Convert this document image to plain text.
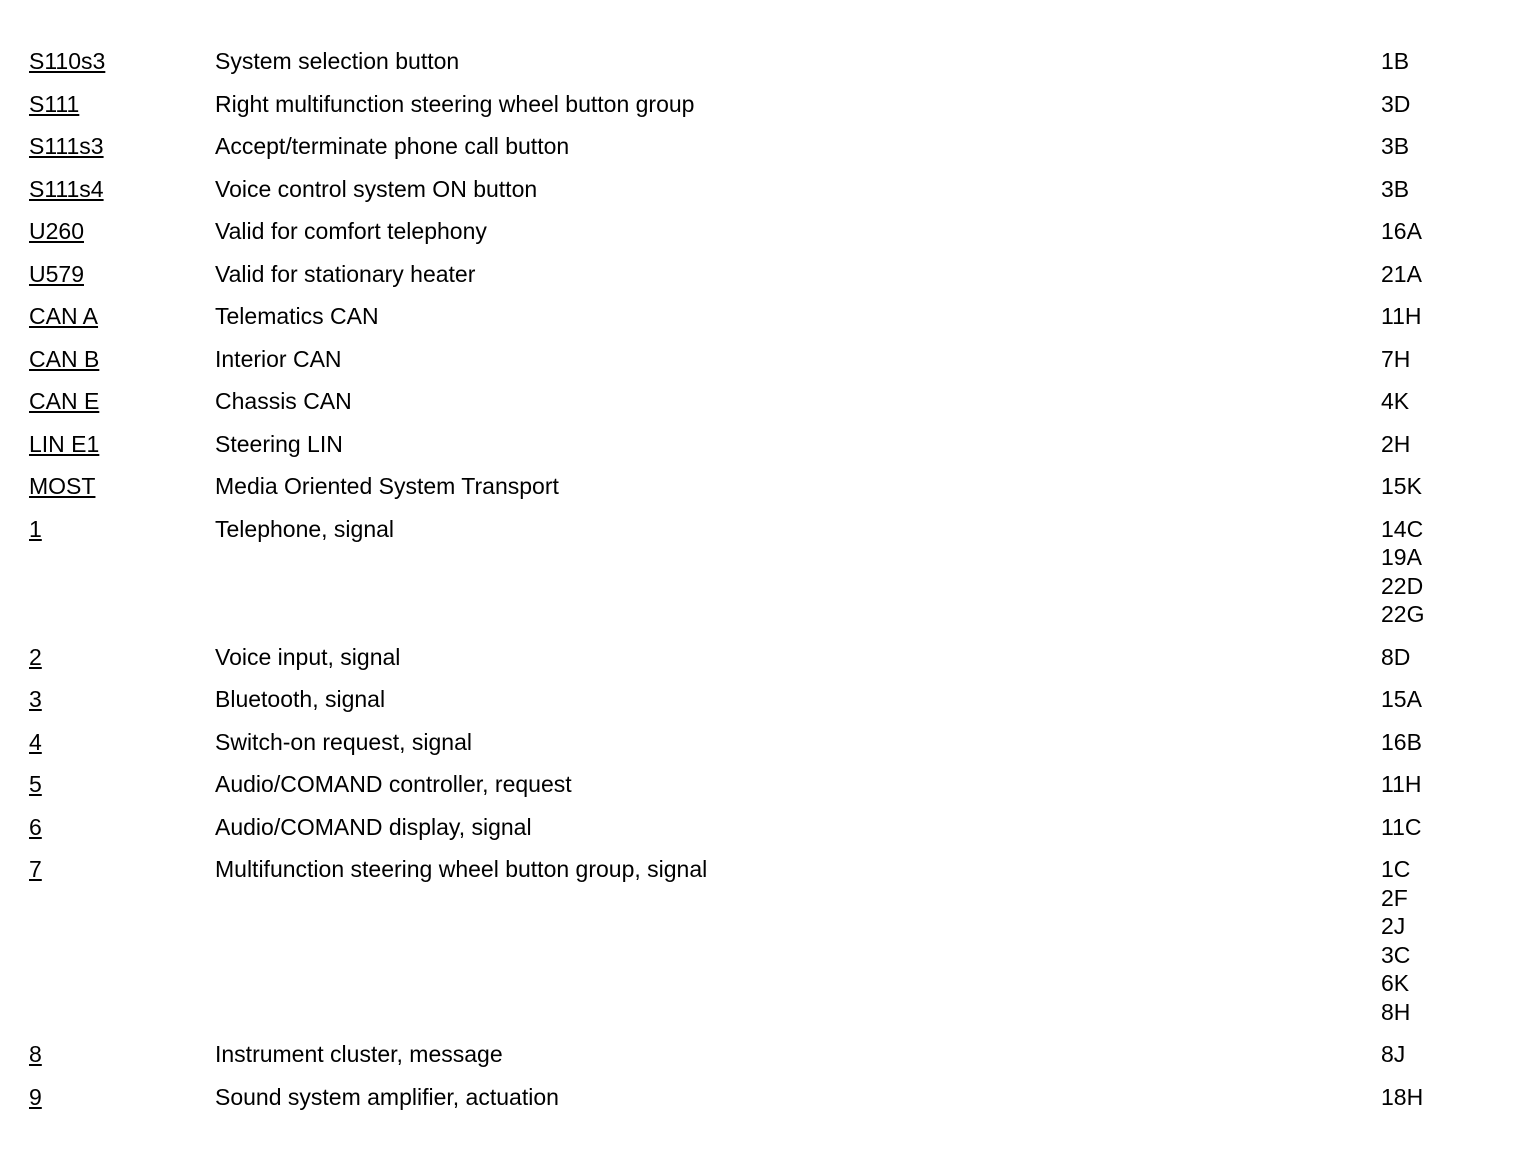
S110s3	System selection button	1B
S111	Right multifunction steering wheel button group	3D
S111s3	Accept/terminate phone call button	3B
S111s4	Voice control system ON button	3B
U260	Valid for comfort telephony	16A
U579	Valid for stationary heater	21A
CAN A	Telematics CAN	11H
CAN B	Interior CAN	7H
CAN E	Chassis CAN	4K
LIN E1	Steering LIN	2H
MOST	Media Oriented System Transport	15K
1	Telephone, signal	14C
19A
22D
22G
2	Voice input, signal	8D
3	Bluetooth, signal	15A
4	Switch-on request, signal	16B
5	Audio/COMAND controller, request	11H
6	Audio/COMAND display, signal	11C
7	Multifunction steering wheel button group, signal	1C
2F
2J
3C
6K
8H
8	Instrument cluster, message	8J
9	Sound system amplifier, actuation	18H
